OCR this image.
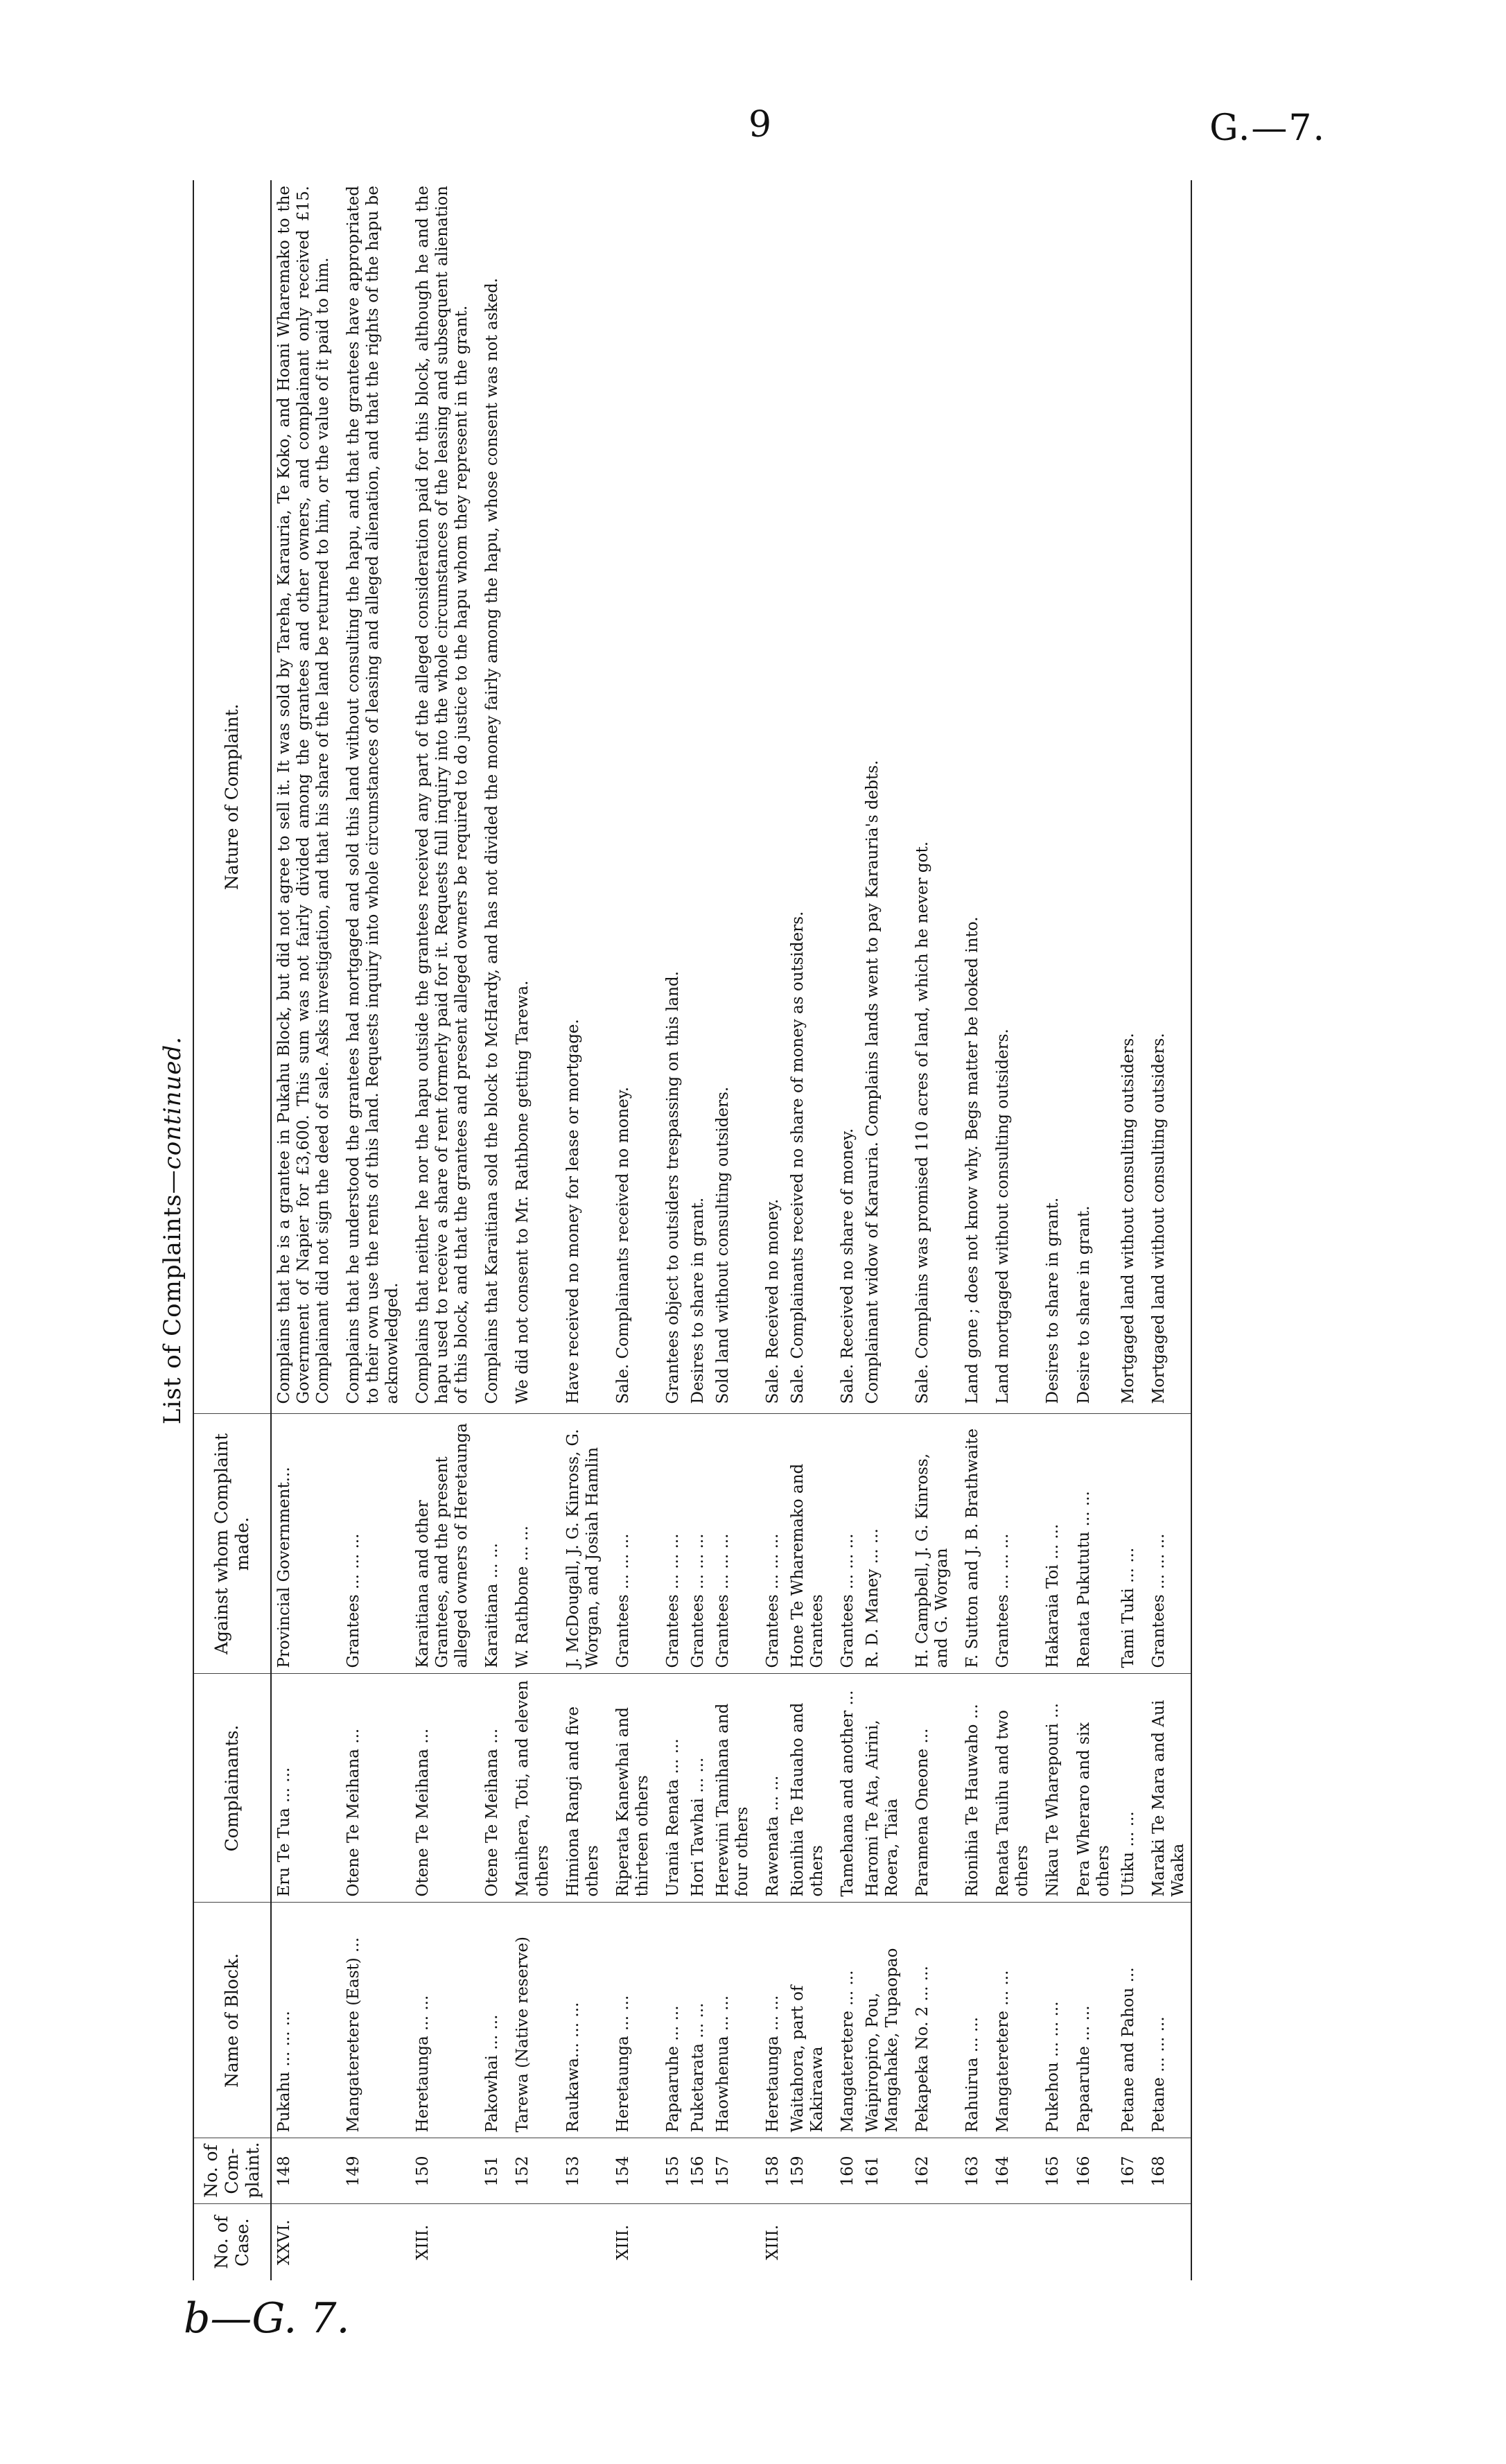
9	G.—7.
List of Complaints—continued.
No. of Case.	No. of Com-plaint.	Name of Block.	Complainants.	Against whom Complaint made.	Nature of Complaint.
XXVI.	148	Pukahu ... ... ...	Eru Te Tua ... ...	Provincial Government...	Complains that he is a grantee in Pukahu Block, but did not agree to sell it. It was sold by Tareha, Karauria, Te Koko, and Hoani Wharemako to the Government of Napier for £3,600. This sum was not fairly divided among the grantees and other owners, and complainant only received £15. Complainant did not sign the deed of sale. Asks investigation, and that his share of the land be returned to him, or the value of it paid to him.
	149	Mangateretere (East) ...	Otene Te Meihana ...	Grantees ... ... ...	Complains that he understood the grantees had mortgaged and sold this land without consulting the hapu, and that the grantees have appropriated to their own use the rents of this land. Requests inquiry into whole circumstances of leasing and alleged alienation, and that the rights of the hapu be acknowledged.
XIII.	150	Heretaunga ... ...	Otene Te Meihana ...	Karaitiana and other Grantees, and the present alleged owners of Heretaunga	Complains that neither he nor the hapu outside the grantees received any part of the alleged consideration paid for this block, although he and the hapu used to receive a share of rent formerly paid for it. Requests full inquiry into the whole circumstances of the leasing and subsequent alienation of this block, and that the grantees and present alleged owners be required to do justice to the hapu whom they represent in the grant.
	151	Pakowhai ... ...	Otene Te Meihana ...	Karaitiana ... ...	Complains that Karaitiana sold the block to McHardy, and has not divided the money fairly among the hapu, whose consent was not asked.
	152	Tarewa (Native reserve)	Manihera, Toti, and eleven others	W. Rathbone ... ...	We did not consent to Mr. Rathbone getting Tarewa.
	153	Raukawa... ... ...	Himiona Rangi and five others	J. McDougall, J. G. Kinross, G. Worgan, and Josiah Hamlin	Have received no money for lease or mortgage.
XIII.	154	Heretaunga ... ...	Riperata Kanewhai and thirteen others	Grantees ... ... ...	Sale. Complainants received no money.
	155	Papaaruhe ... ...	Urania Renata ... ...	Grantees ... ... ...	Grantees object to outsiders trespassing on this land.
	156	Puketarata ... ...	Hori Tawhai ... ...	Grantees ... ... ...	Desires to share in grant.
	157	Haowhenua ... ...	Herewini Tamihana and four others	Grantees ... ... ...	Sold land without consulting outsiders.
XIII.	158	Heretaunga ... ...	Rawenata ... ...	Grantees ... ... ...	Sale. Received no money.
	159	Waitahora, part of Kakiraawa	Rionihia Te Hauaho and others	Hone Te Wharemako and Grantees	Sale. Complainants received no share of money as outsiders.
	160	Mangateretere ... ...	Tamehana and another ...	Grantees ... ... ...	Sale. Received no share of money.
	161	Waipiropiro, Pou, Mangahake, Tupaopao	Haromi Te Ata, Airini, Roera, Tiaia	R. D. Maney ... ...	Complainant widow of Karauria. Complains lands went to pay Karauria's debts.
	162	Pekapeka No. 2 ... ...	Paramena Oneone ...	H. Campbell, J. G. Kinross, and G. Worgan	Sale. Complains was promised 110 acres of land, which he never got.
	163	Rahuirua ... ...	Rionihia Te Hauwaho ...	F. Sutton and J. B. Brathwaite	Land gone ; does not know why. Begs matter be looked into.
	164	Mangateretere ... ...	Renata Tauihu and two others	Grantees ... ... ...	Land mortgaged without consulting outsiders.
	165	Pukehou ... ... ...	Nikau Te Wharepouri ...	Hakaraia Toi ... ...	Desires to share in grant.
	166	Papaaruhe ... ...	Pera Wheraro and six others	Renata Pukututu ... ...	Desire to share in grant.
	167	Petane and Pahou ...	Utiku ... ...	Tami Tuki ... ...	Mortgaged land without consulting outsiders.
	168	Petane ... ... ...	Maraki Te Mara and Aui Waaka	Grantees ... ... ...	Mortgaged land without consulting outsiders.
b—G. 7.
